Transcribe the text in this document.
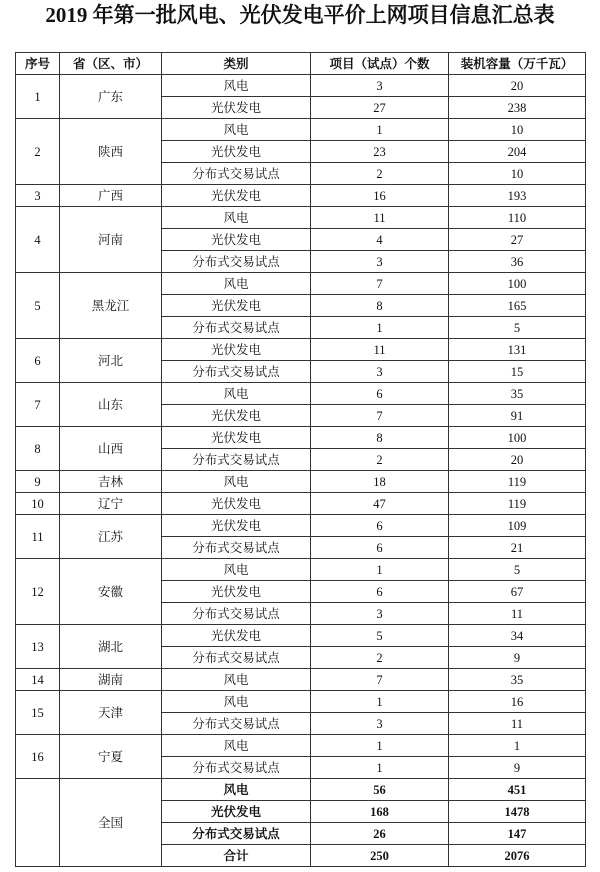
2019 年第一批风电、光伏发电平价上网项目信息汇总表
序号	省（区、市）	类别	项目（试点）个数	装机容量（万千瓦）
1	广东	风电	3	20
		光伏发电	27	238
2	陕西	风电	1	10
		光伏发电	23	204
		分布式交易试点	2	10
3	广西	光伏发电	16	193
4	河南	风电	11	110
		光伏发电	4	27
		分布式交易试点	3	36
5	黑龙江	风电	7	100
		光伏发电	8	165
		分布式交易试点	1	5
6	河北	光伏发电	11	131
		分布式交易试点	3	15
7	山东	风电	6	35
		光伏发电	7	91
8	山西	光伏发电	8	100
		分布式交易试点	2	20
9	吉林	风电	18	119
10	辽宁	光伏发电	47	119
11	江苏	光伏发电	6	109
		分布式交易试点	6	21
12	安徽	风电	1	5
		光伏发电	6	67
		分布式交易试点	3	11
13	湖北	光伏发电	5	34
		分布式交易试点	2	9
14	湖南	风电	7	35
15	天津	风电	1	16
		分布式交易试点	3	11
16	宁夏	风电	1	1
		分布式交易试点	1	9
	全国	风电	56	451
		光伏发电	168	1478
		分布式交易试点	26	147
		合计	250	2076
